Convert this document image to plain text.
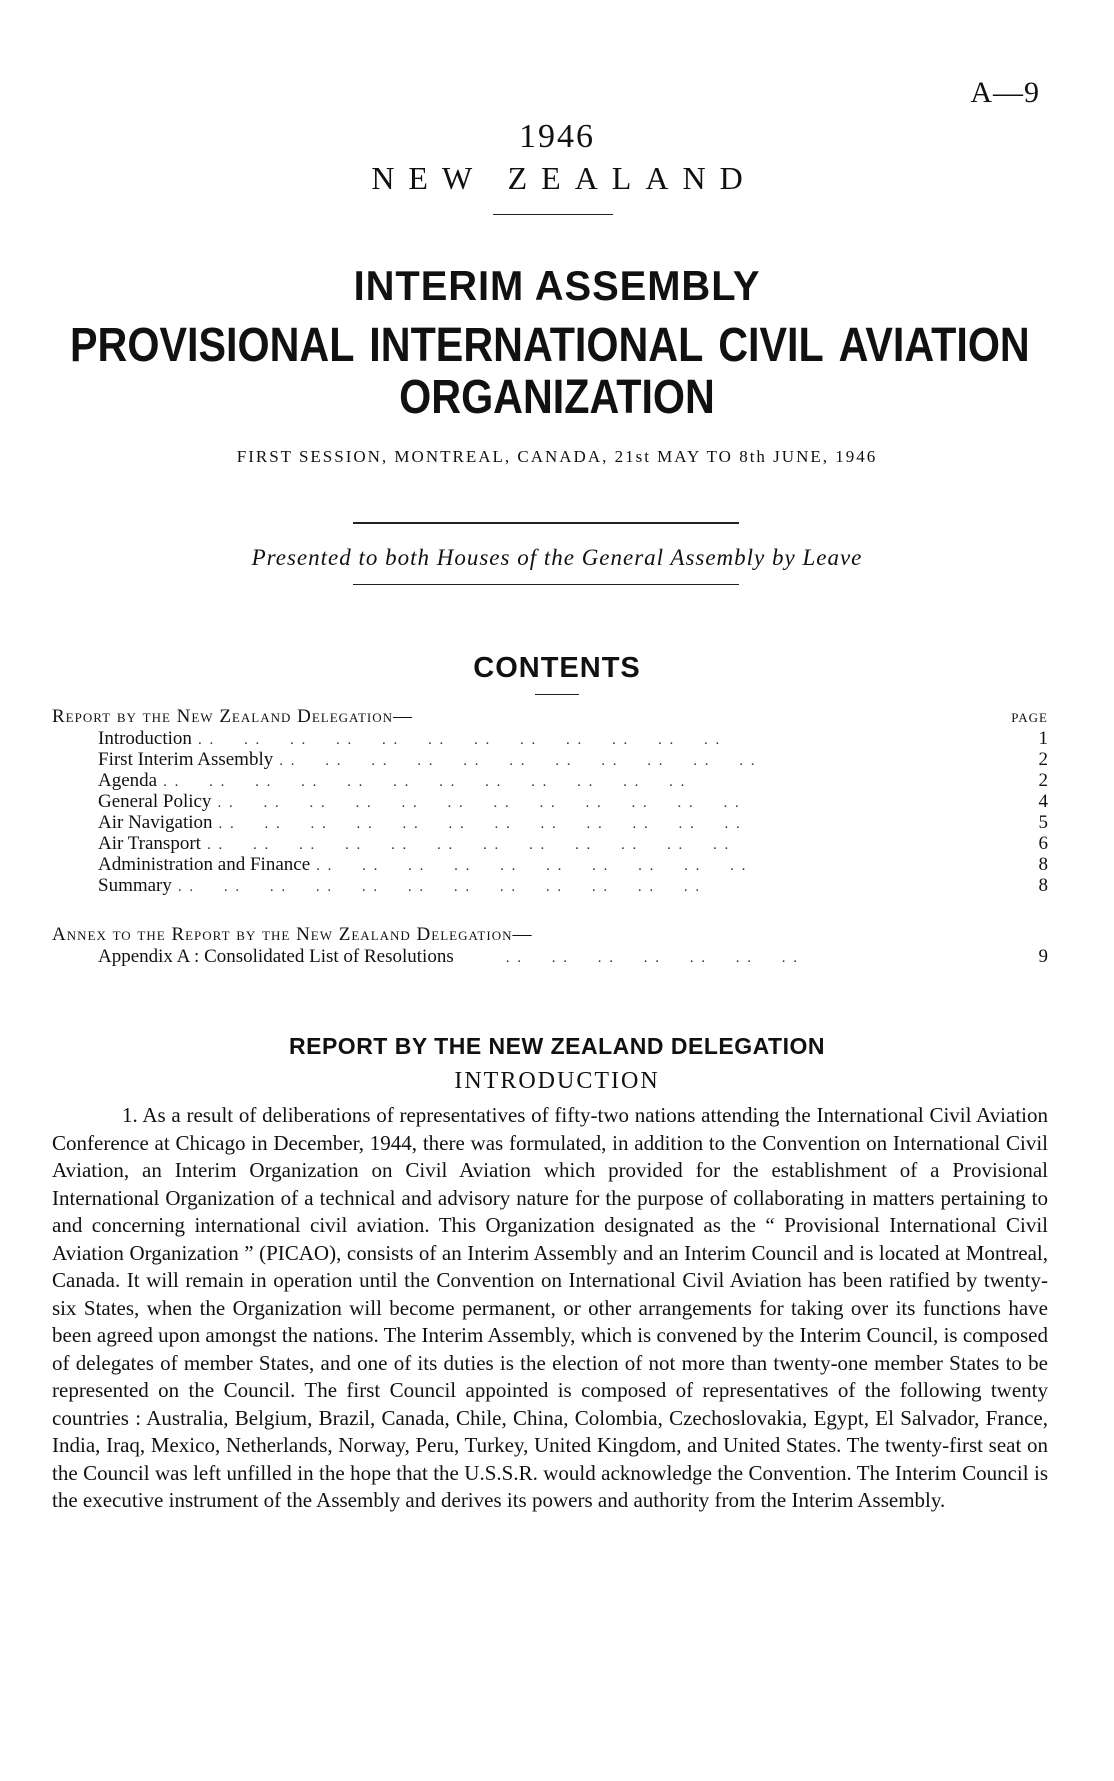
A—9
1946
NEW ZEALAND
INTERIM ASSEMBLY
PROVISIONAL INTERNATIONAL CIVIL AVIATION
ORGANIZATION
FIRST SESSION, MONTREAL, CANADA, 21st MAY TO 8th JUNE, 1946
Presented to both Houses of the General Assembly by Leave
CONTENTS
Report by the New Zealand Delegation—	PAGE
Introduction . .     . .     . .     . .     . .     . .     . .     . .     . .     . .     . .     . .	1
First Interim Assembly . .     . .     . .     . .     . .     . .     . .     . .     . .     . .     . .	2
Agenda . .     . .     . .     . .     . .     . .     . .     . .     . .     . .     . .     . .	2
General Policy . .     . .     . .     . .     . .     . .     . .     . .     . .     . .     . .     . .	4
Air Navigation . .     . .     . .     . .     . .     . .     . .     . .     . .     . .     . .     . .	5
Air Transport . .     . .     . .     . .     . .     . .     . .     . .     . .     . .     . .     . .	6
Administration and Finance . .     . .     . .     . .     . .     . .     . .     . .     . .     . .	8
Summary . .     . .     . .     . .     . .     . .     . .     . .     . .     . .     . .     . .	8
Annex to the Report by the New Zealand Delegation—
Appendix A : Consolidated List of Resolutions . .     . .     . .     . .     . .     . .     . .	9
REPORT BY THE NEW ZEALAND DELEGATION
INTRODUCTION

1. As a result of deliberations of representatives of fifty-two nations attending the International Civil Aviation Conference at Chicago in December, 1944, there was formulated, in addition to the Convention on International Civil Aviation, an Interim Organization on Civil Aviation which provided for the establishment of a Provisional International Organization of a technical and advisory nature for the purpose of collaborating in matters pertaining to and concerning international civil aviation. This Organization designated as the “ Provisional International Civil Aviation Organization ” (PICAO), consists of an Interim Assembly and an Interim Council and is located at Montreal, Canada. It will remain in operation until the Convention on International Civil Aviation has been ratified by twenty-six States, when the Organization will become permanent, or other arrangements for taking over its functions have been agreed upon amongst the nations. The Interim Assembly, which is convened by the Interim Council, is composed of delegates of member States, and one of its duties is the election of not more than twenty-one member States to be represented on the Council. The first Council appointed is composed of representatives of the following twenty countries : Australia, Belgium, Brazil, Canada, Chile, China, Colombia, Czechoslovakia, Egypt, El Salvador, France, India, Iraq, Mexico, Netherlands, Norway, Peru, Turkey, United Kingdom, and United States. The twenty-first seat on the Council was left unfilled in the hope that the U.S.S.R. would acknowledge the Convention. The Interim Council is the executive instrument of the Assembly and derives its powers and authority from the Interim Assembly.
